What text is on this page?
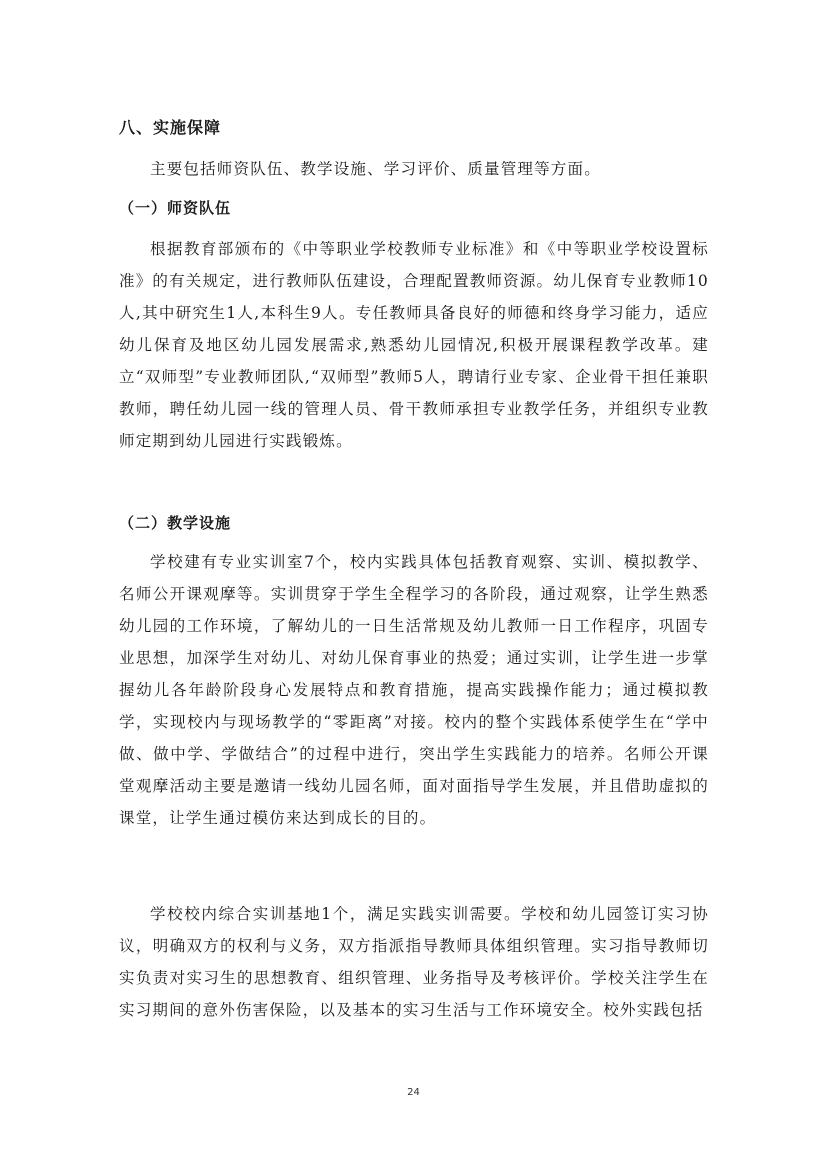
八、实施保障

主要包括师资队伍、教学设施、学习评价、质量管理等方面。

（一）师资队伍

根据教育部颁布的《中等职业学校教师专业标准》和《中等职业学校设置标准》的有关规定，进行教师队伍建设，合理配置教师资源。幼儿保育专业教师10人,其中研究生1人,本科生9人。专任教师具备良好的师德和终身学习能力，适应幼儿保育及地区幼儿园发展需求,熟悉幼儿园情况,积极开展课程教学改革。建立“双师型”专业教师团队,“双师型”教师5人，聘请行业专家、企业骨干担任兼职教师，聘任幼儿园一线的管理人员、骨干教师承担专业教学任务，并组织专业教师定期到幼儿园进行实践锻炼。

（二）教学设施

学校建有专业实训室7个，校内实践具体包括教育观察、实训、模拟教学、名师公开课观摩等。实训贯穿于学生全程学习的各阶段，通过观察，让学生熟悉幼儿园的工作环境，了解幼儿的一日生活常规及幼儿教师一日工作程序，巩固专业思想，加深学生对幼儿、对幼儿保育事业的热爱；通过实训，让学生进一步掌握幼儿各年龄阶段身心发展特点和教育措施，提高实践操作能力；通过模拟教学，实现校内与现场教学的“零距离”对接。校内的整个实践体系使学生在“学中做、做中学、学做结合”的过程中进行，突出学生实践能力的培养。名师公开课堂观摩活动主要是邀请一线幼儿园名师，面对面指导学生发展，并且借助虚拟的课堂，让学生通过模仿来达到成长的目的。

学校校内综合实训基地1个，满足实践实训需要。学校和幼儿园签订实习协议，明确双方的权利与义务，双方指派指导教师具体组织管理。实习指导教师切实负责对实习生的思想教育、组织管理、业务指导及考核评价。学校关注学生在实习期间的意外伤害保险，以及基本的实习生活与工作环境安全。校外实践包括

24
